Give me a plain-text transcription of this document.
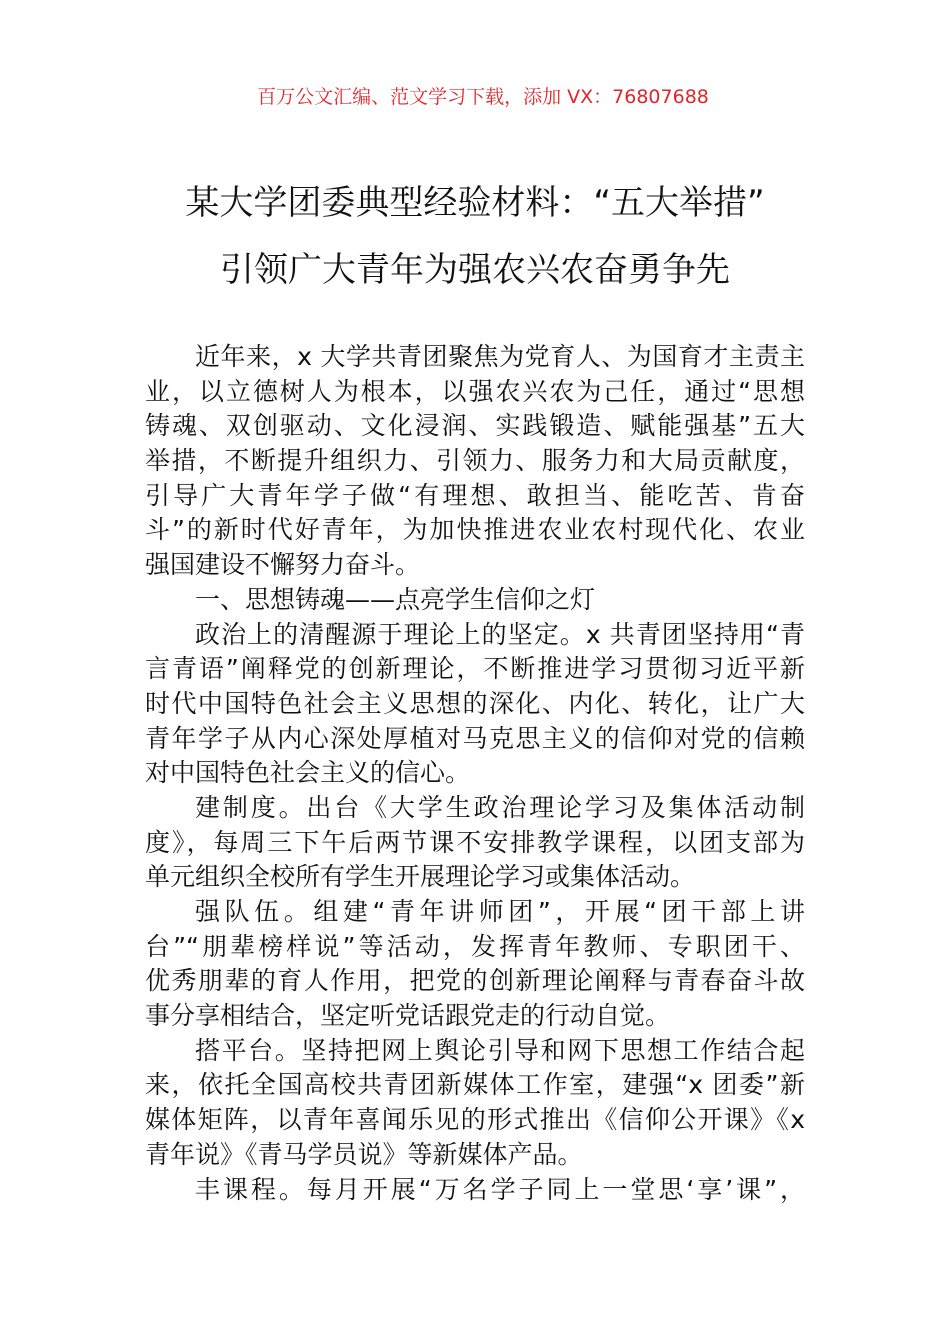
百万公文汇编、范文学习下载，添加 VX：76807688
某大学团委典型经验材料：“五大举措”
引领广大青年为强农兴农奋勇争先
近年来，x 大学共青团聚焦为党育人、为国育才主责主
业，以立德树人为根本，以强农兴农为己任，通过“思想
铸魂、双创驱动、文化浸润、实践锻造、赋能强基”五大
举措，不断提升组织力、引领力、服务力和大局贡献度，
引导广大青年学子做“有理想、敢担当、能吃苦、肯奋
斗”的新时代好青年，为加快推进农业农村现代化、农业
强国建设不懈努力奋斗。
一、思想铸魂——点亮学生信仰之灯
政治上的清醒源于理论上的坚定。x 共青团坚持用“青
言青语”阐释党的创新理论，不断推进学习贯彻习近平新
时代中国特色社会主义思想的深化、内化、转化，让广大
青年学子从内心深处厚植对马克思主义的信仰对党的信赖
对中国特色社会主义的信心。
建制度。出台《大学生政治理论学习及集体活动制
度》，每周三下午后两节课不安排教学课程，以团支部为
单元组织全校所有学生开展理论学习或集体活动。
强队伍。组建“青年讲师团”，开展“团干部上讲
台”“朋辈榜样说”等活动，发挥青年教师、专职团干、
优秀朋辈的育人作用，把党的创新理论阐释与青春奋斗故
事分享相结合，坚定听党话跟党走的行动自觉。
搭平台。坚持把网上舆论引导和网下思想工作结合起
来，依托全国高校共青团新媒体工作室，建强“x 团委”新
媒体矩阵，以青年喜闻乐见的形式推出《信仰公开课》《x
青年说》《青马学员说》等新媒体产品。
丰课程。每月开展“万名学子同上一堂思‘享’课”，
